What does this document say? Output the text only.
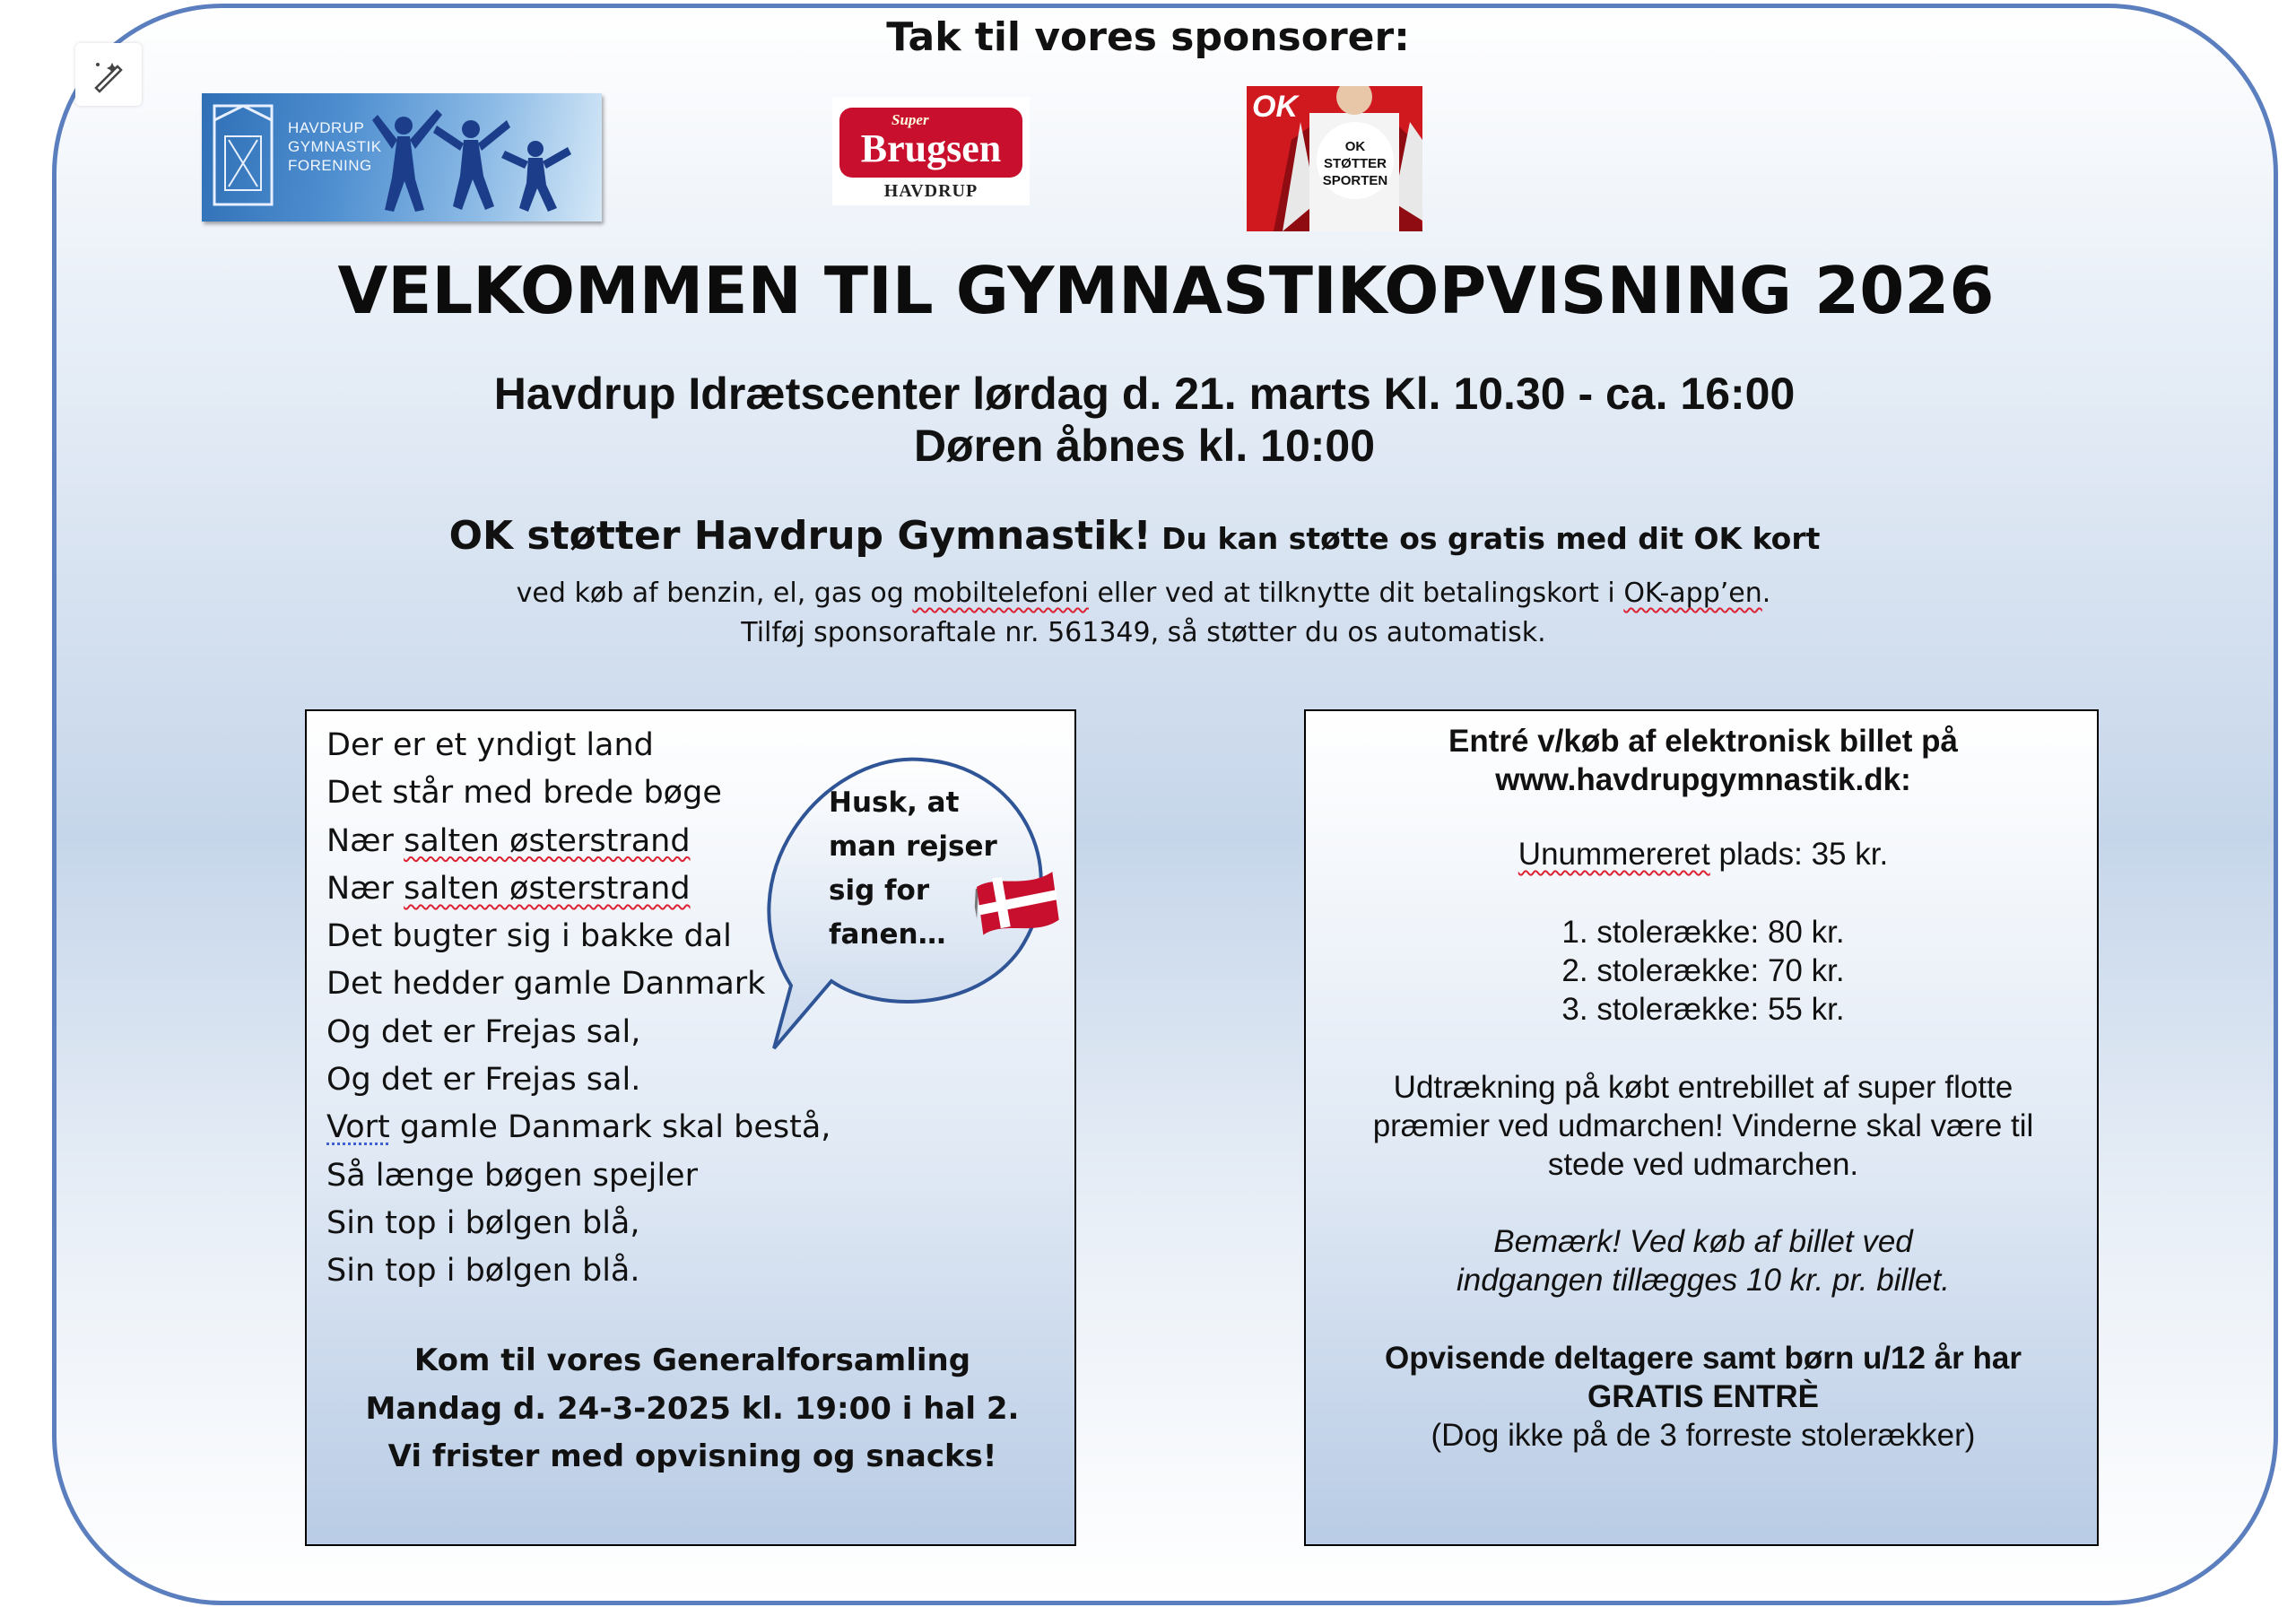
Tak til vores sponsorer:
HAVDRUP
GYMNASTIK
FORENING
Super
Brugsen
HAVDRUP
OK
OK
STØTTER
SPORTEN
VELKOMMEN TIL GYMNASTIKOPVISNING 2026
Havdrup Idrætscenter lørdag d. 21. marts Kl. 10.30 - ca. 16:00
Døren åbnes kl. 10:00
OK støtter Havdrup Gymnastik! Du kan støtte os gratis med dit OK kort
ved køb af benzin, el, gas og mobiltelefoni eller ved at tilknytte dit betalingskort i OK-app’en.
Tilføj sponsoraftale nr. 561349, så støtter du os automatisk.
Der er et yndigt land
Det står med brede bøge
Nær salten østerstrand
Nær salten østerstrand
Det bugter sig i bakke dal
Det hedder gamle Danmark
Og det er Frejas sal,
Og det er Frejas sal.
Vort gamle Danmark skal bestå,
Så længe bøgen spejler
Sin top i bølgen blå,
Sin top i bølgen blå.
Husk, at
man rejser
sig for
fanen…
Kom til vores Generalforsamling
Mandag d. 24-3-2025 kl. 19:00 i hal 2.
Vi frister med opvisning og snacks!
Entré v/køb af elektronisk billet på
www.havdrupgymnastik.dk:
Unummereret plads: 35 kr.
1. stolerække: 80 kr.
2. stolerække: 70 kr.
3. stolerække: 55 kr.
Udtrækning på købt entrebillet af super flotte
præmier ved udmarchen! Vinderne skal være til
stede ved udmarchen.
Bemærk! Ved køb af billet ved
indgangen tillægges 10 kr. pr. billet.
Opvisende deltagere samt børn u/12 år har
GRATIS ENTRÈ
(Dog ikke på de 3 forreste stolerækker)
